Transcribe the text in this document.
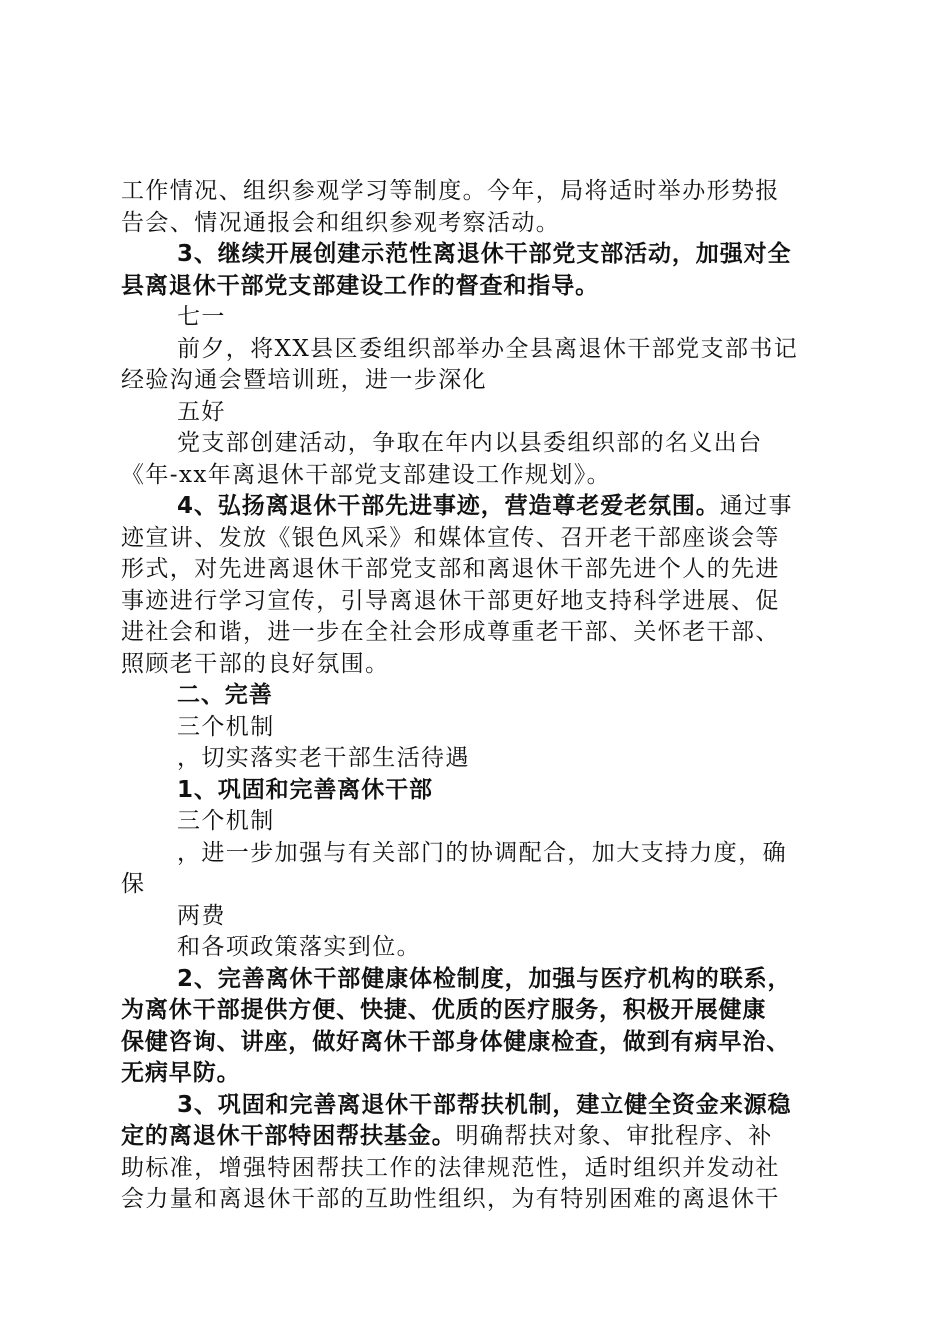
工作情况、组织参观学习等制度。今年，局将适时举办形势报
告会、情况通报会和组织参观考察活动。
3、继续开展创建示范性离退休干部党支部活动，加强对全
县离退休干部党支部建设工作的督查和指导。
七一
前夕，将XX县区委组织部举办全县离退休干部党支部书记
经验沟通会暨培训班，进一步深化
五好
党支部创建活动，争取在年内以县委组织部的名义出台
《年-xx年离退休干部党支部建设工作规划》。
4、弘扬离退休干部先进事迹，营造尊老爱老氛围。通过事
迹宣讲、发放《银色风采》和媒体宣传、召开老干部座谈会等
形式，对先进离退休干部党支部和离退休干部先进个人的先进
事迹进行学习宣传，引导离退休干部更好地支持科学进展、促
进社会和谐，进一步在全社会形成尊重老干部、关怀老干部、
照顾老干部的良好氛围。
二、完善
三个机制
，切实落实老干部生活待遇
1、巩固和完善离休干部
三个机制
，进一步加强与有关部门的协调配合，加大支持力度，确
保
两费
和各项政策落实到位。
2、完善离休干部健康体检制度，加强与医疗机构的联系，
为离休干部提供方便、快捷、优质的医疗服务，积极开展健康
保健咨询、讲座，做好离休干部身体健康检查，做到有病早治、
无病早防。
3、巩固和完善离退休干部帮扶机制，建立健全资金来源稳
定的离退休干部特困帮扶基金。明确帮扶对象、审批程序、补
助标准，增强特困帮扶工作的法律规范性，适时组织并发动社
会力量和离退休干部的互助性组织，为有特别困难的离退休干
